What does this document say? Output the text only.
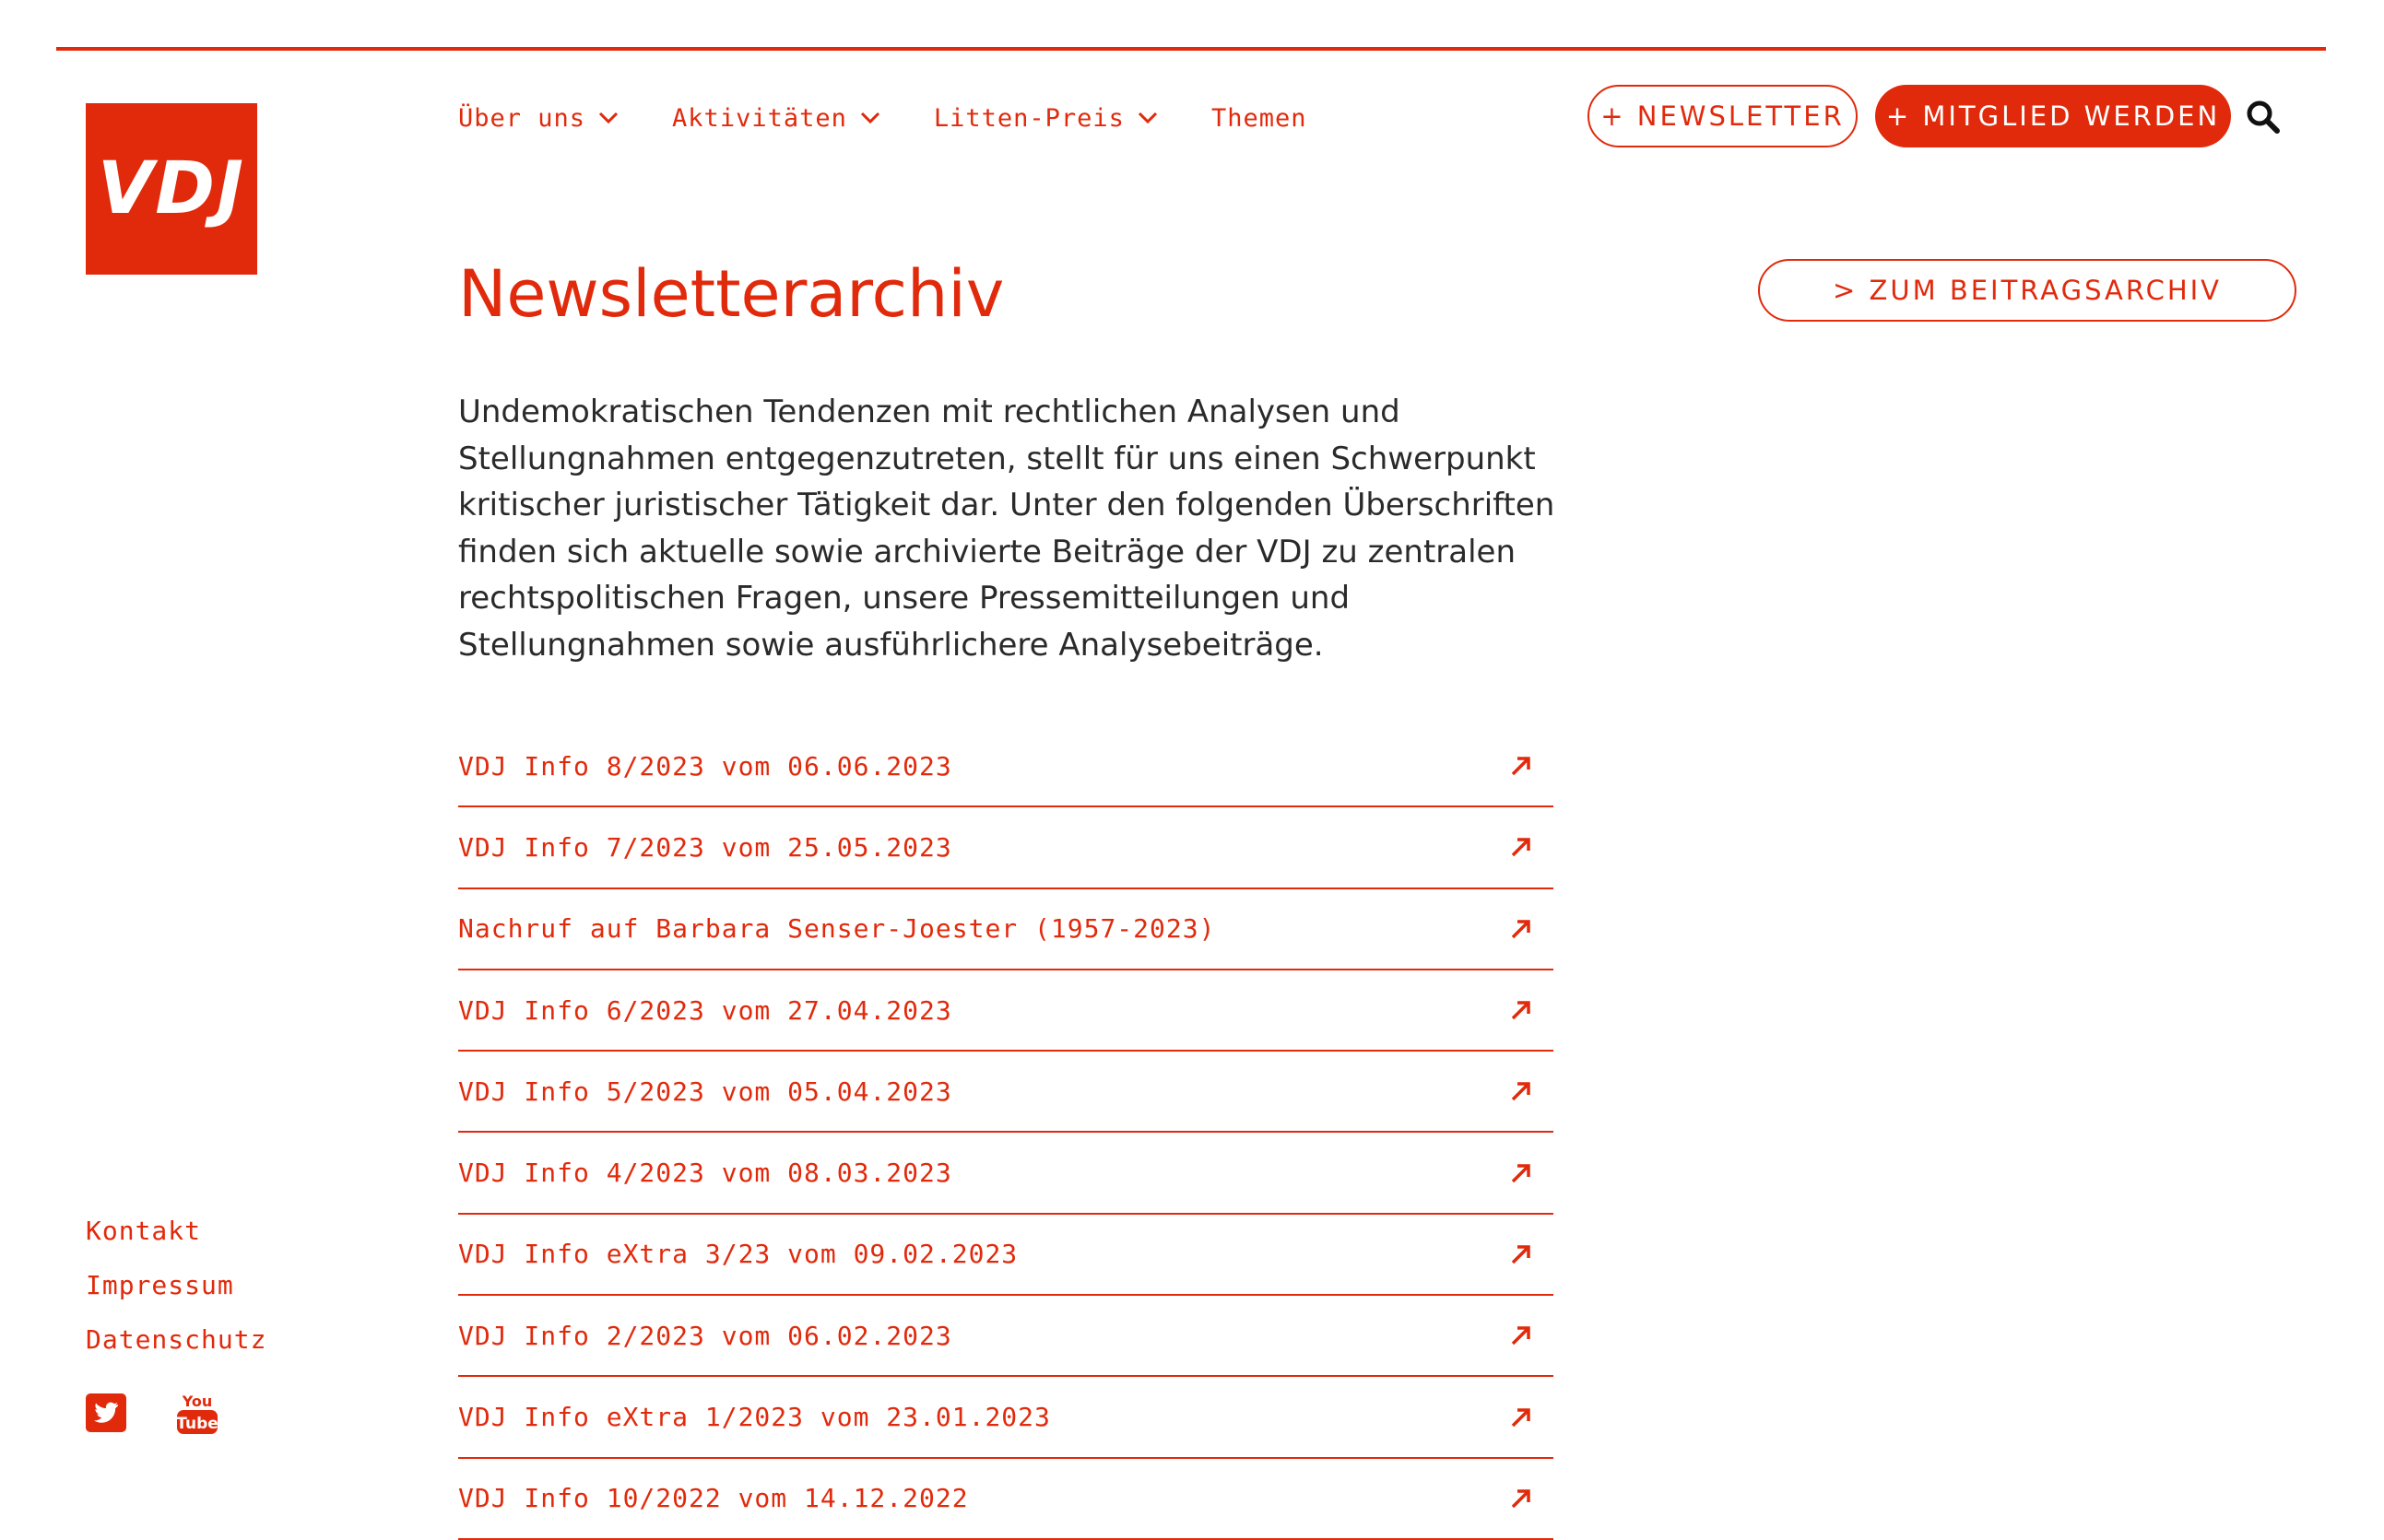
VDJ
Über uns	Aktivitäten	Litten-Preis	Themen	+ NEWSLETTER	+ MITGLIED WERDEN
Newsletterarchiv	> ZUM BEITRAGSARCHIV
Undemokratischen Tendenzen mit rechtlichen Analysen und
Stellungnahmen entgegenzutreten, stellt für uns einen Schwerpunkt
kritischer juristischer Tätigkeit dar. Unter den folgenden Überschriften
finden sich aktuelle sowie archivierte Beiträge der VDJ zu zentralen
rechtspolitischen Fragen, unsere Pressemitteilungen und
Stellungnahmen sowie ausführlichere Analysebeiträge.
VDJ Info 8/2023 vom 06.06.2023
VDJ Info 7/2023 vom 25.05.2023
Nachruf auf Barbara Senser-Joester (1957-2023)
VDJ Info 6/2023 vom 27.04.2023
VDJ Info 5/2023 vom 05.04.2023
VDJ Info 4/2023 vom 08.03.2023
VDJ Info eXtra 3/23 vom 09.02.2023
VDJ Info 2/2023 vom 06.02.2023
VDJ Info eXtra 1/2023 vom 23.01.2023
VDJ Info 10/2022 vom 14.12.2022
Kontakt
Impressum
Datenschutz
You
Tube
